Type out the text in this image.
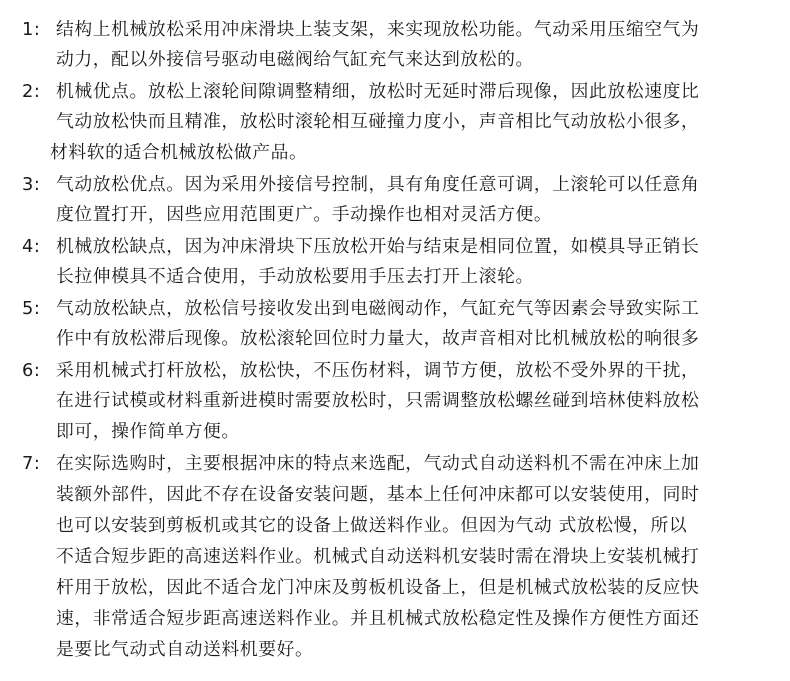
1: 结构上机械放松采用冲床滑块上装支架，来实现放松功能。气动采用压缩空气为
动力，配以外接信号驱动电磁阀给气缸充气来达到放松的。
2: 机械优点。放松上滚轮间隙调整精细，放松时无延时滞后现像，因此放松速度比
气动放松快而且精准，放松时滚轮相互碰撞力度小，声音相比气动放松小很多，
材料软的适合机械放松做产品。
3: 气动放松优点。因为采用外接信号控制，具有角度任意可调，上滚轮可以任意角
度位置打开，因些应用范围更广。手动操作也相对灵活方便。
4: 机械放松缺点，因为冲床滑块下压放松开始与结束是相同位置，如模具导正销长
长拉伸模具不适合使用，手动放松要用手压去打开上滚轮。
5: 气动放松缺点，放松信号接收发出到电磁阀动作，气缸充气等因素会导致实际工
作中有放松滞后现像。放松滚轮回位时力量大，故声音相对比机械放松的响很多
6: 采用机械式打杆放松，放松快，不压伤材料，调节方便，放松不受外界的干扰，
在进行试模或材料重新进模时需要放松时，只需调整放松螺丝碰到培林使料放松
即可，操作简单方便。
7: 在实际选购时，主要根据冲床的特点来选配，气动式自动送料机不需在冲床上加
装额外部件，因此不存在设备安装问题，基本上任何冲床都可以安装使用，同时
也可以安装到剪板机或其它的设备上做送料作业。但因为气动 式放松慢，所以
不适合短步距的高速送料作业。机械式自动送料机安装时需在滑块上安装机械打
杆用于放松，因此不适合龙门冲床及剪板机设备上，但是机械式放松装的反应快
速，非常适合短步距高速送料作业。并且机械式放松稳定性及操作方便性方面还
是要比气动式自动送料机要好。
